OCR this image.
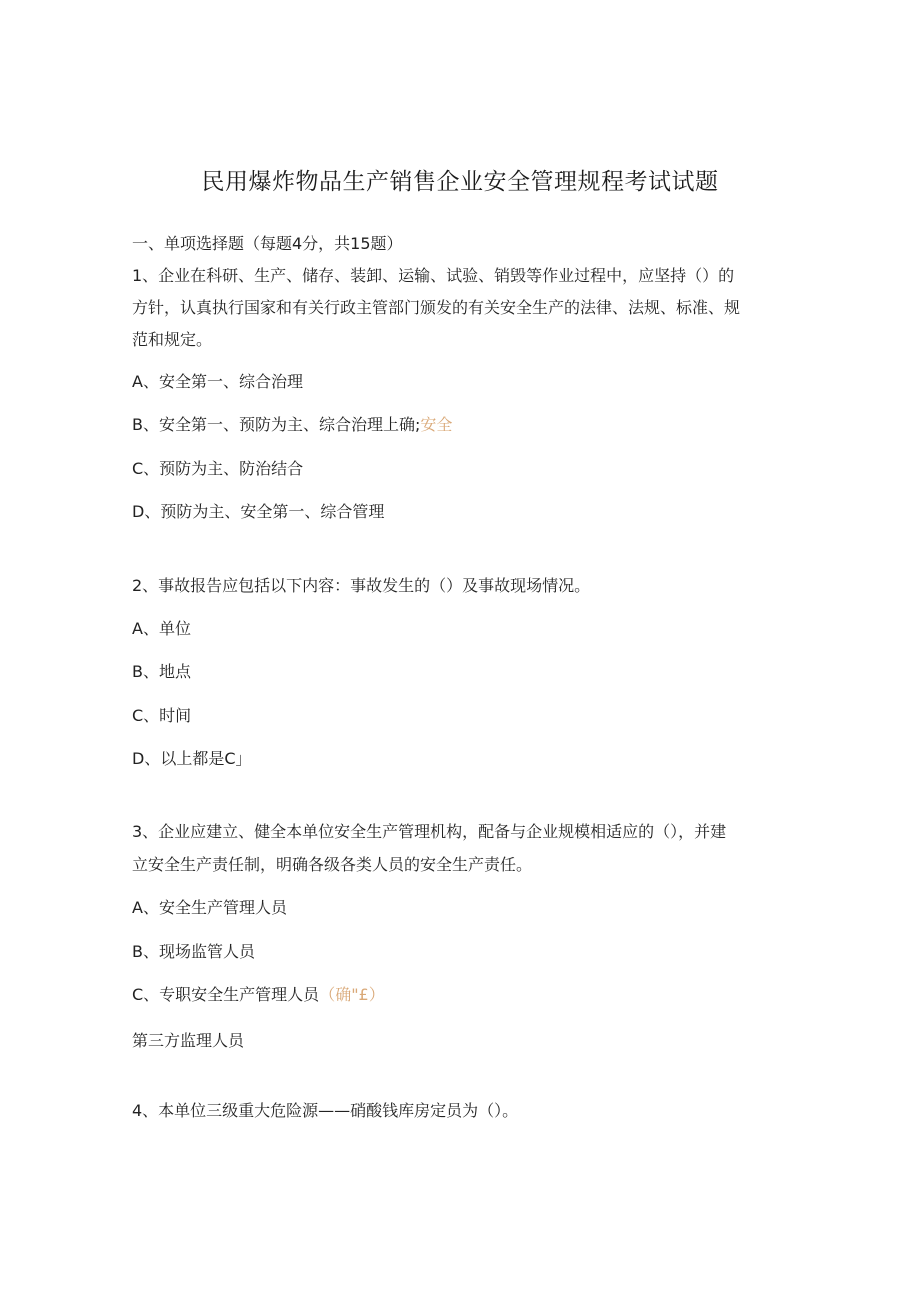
民用爆炸物品生产销售企业安全管理规程考试试题
一、单项选择题（每题4分，共15题）
1、企业在科研、生产、储存、装卸、运输、试验、销毁等作业过程中，应坚持（）的
方针，认真执行国家和有关行政主管部门颁发的有关安全生产的法律、法规、标准、规
范和规定。
A、安全第一、综合治理
B、安全第一、预防为主、综合治理上确;安全
C、预防为主、防治结合
D、预防为主、安全第一、综合管理
2、事故报告应包括以下内容：事故发生的（）及事故现场情况。
A、单位
B、地点
C、时间
D、以上都是C」
3、企业应建立、健全本单位安全生产管理机构，配备与企业规模相适应的（），并建
立安全生产责任制，明确各级各类人员的安全生产责任。
A、安全生产管理人员
B、现场监管人员
C、专职安全生产管理人员（确"£）
第三方监理人员
4、本单位三级重大危险源——硝酸钱库房定员为（）。
